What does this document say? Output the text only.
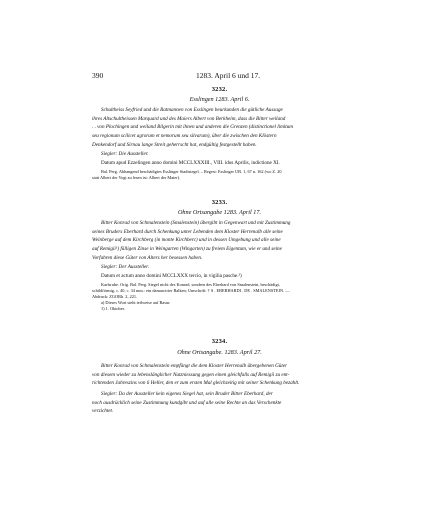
390	1283. April 6 und 17.
3232.
Esslingen 1283. April 6.
Schultheiss Seyfried und die Ratmannen von Esslingen beurkunden die gütliche Aussage
ihres Altschultheissen Marquard und des Maiers Albert von Berkheim, dass die Bitter weiland
. . von Plochingen und weiland Bilgerin mit ihnen und anderen die Grenzen (distinctionel limitum
seu regionum scilicet agrorum et nemorum seu silvarum), über die zwischen den Klöstern
Denkendorf und Sirnau lange Streit geherrscht hat, endgültig festgestellt haben.
Siegler: Die Aussteller.
Datum apud Ezzelingen anno domini MCCLXXXIII., VIII. idus Aprilis, indictione XI.
Bal. Perg. Abhangend beschädigtes Esslinger Stadtsiegel. – Regest: Esslinger UB. 1, 67 n. 162 (wo Z. 20
statt Albert der Vogt zu lesen ist: Albert der Maier).
3233.
Ohne Ortsangabe 1283. April 17.
Bitter Konrad von Schmalenstein (Smalenstein) übergibt in Gegenwart und mit Zustimmung
seines Bruders Eberhard durch Schenkung unter Lebenden dem Kloster Herrenalb alle seine
Weinberge auf dem Kirchberg (in monte Kirchberc) und in dessen Umgebung und alle seine
auf Remigii¹) fälligen Zinse in Weingarten (Wingarten) zu freiem Eigentum, wie er und seine
Vorfahren diese Güter von Alters her besessen haben.
Siegler: Der Aussteller.
Datum et actum anno domini MCCLXXX tercio, in vigilia pasche.²)
Karlsruhe. Orig. Bal. Perg. Siegel nicht des Konrad, sondern des Eberhard von Smalenstein, beschädigt,
schildförmig, c. 40, c. 34 mm.: ein damascirter Balken; Umschrift: † S . EBERHARDI . DE . SMALENSTEIN. —
Abdruck: ZGORh. 2, 221.
a) Dieses Wort steht teilweise auf Rasur.
1) 1. Oktober.
3234.
Ohne Ortsangabe. 1283. April 27.
Bitter Konrad von Schmalenstein empfängt die dem Kloster Herrenalb übergebenen Güter
von diesem wieder zu lebenslänglicher Nutzniessung gegen einen gleichfalls auf Remigii zu ent-
richtenden Jahreszins von 6 Heller, den er zum ersten Mal gleichzeitig mit seiner Schenkung bezahlt.
Siegler: Da der Aussteller kein eigenes Siegel hat, sein Bruder Bitter Eberhard, der
noch ausdrücklich seine Zustimmung kundgibt und auf alle seine Rechte an das Verschenkte
verzichtet.
